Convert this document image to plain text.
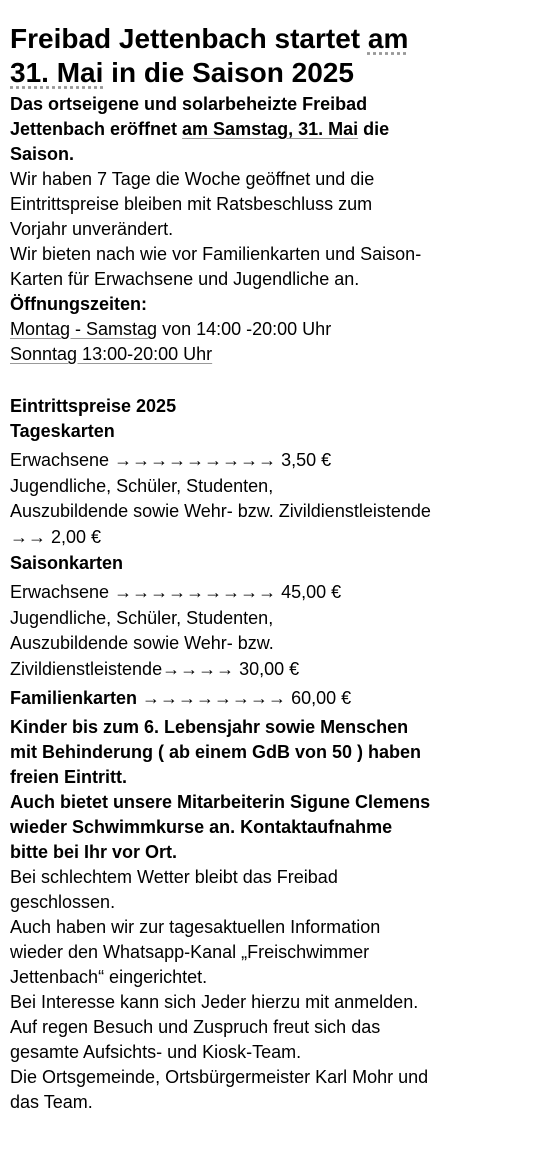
Freibad Jettenbach startet am
31. Mai in die Saison 2025
Das ortseigene und solarbeheizte Freibad
Jettenbach eröffnet am Samstag, 31. Mai die
Saison.
Wir haben 7 Tage die Woche geöffnet und die
Eintrittspreise bleiben mit Ratsbeschluss zum
Vorjahr unverändert.
Wir bieten nach wie vor Familienkarten und Saison-
Karten für Erwachsene und Jugendliche an.
Öffnungszeiten:
Montag - Samstag von 14:00 -20:00 Uhr
Sonntag 13:00-20:00 Uhr
Eintrittspreise 2025
Tageskarten
Erwachsene →→→→→→→→→ 3,50 €
Jugendliche, Schüler, Studenten,
Auszubildende sowie Wehr- bzw. Zivildienstleistende
→→ 2,00 €
Saisonkarten
Erwachsene →→→→→→→→→ 45,00 €
Jugendliche, Schüler, Studenten,
Auszubildende sowie Wehr- bzw.
Zivildienstleistende→→→→ 30,00 €
Familienkarten →→→→→→→→ 60,00 €
Kinder bis zum 6. Lebensjahr sowie Menschen
mit Behinderung ( ab einem GdB von 50 ) haben
freien Eintritt.
Auch bietet unsere Mitarbeiterin Sigune Clemens
wieder Schwimmkurse an. Kontaktaufnahme
bitte bei Ihr vor Ort.
Bei schlechtem Wetter bleibt das Freibad
geschlossen.
Auch haben wir zur tagesaktuellen Information
wieder den Whatsapp-Kanal „Freischwimmer
Jettenbach“ eingerichtet.
Bei Interesse kann sich Jeder hierzu mit anmelden.
Auf regen Besuch und Zuspruch freut sich das
gesamte Aufsichts- und Kiosk-Team.
Die Ortsgemeinde, Ortsbürgermeister Karl Mohr und
das Team.
